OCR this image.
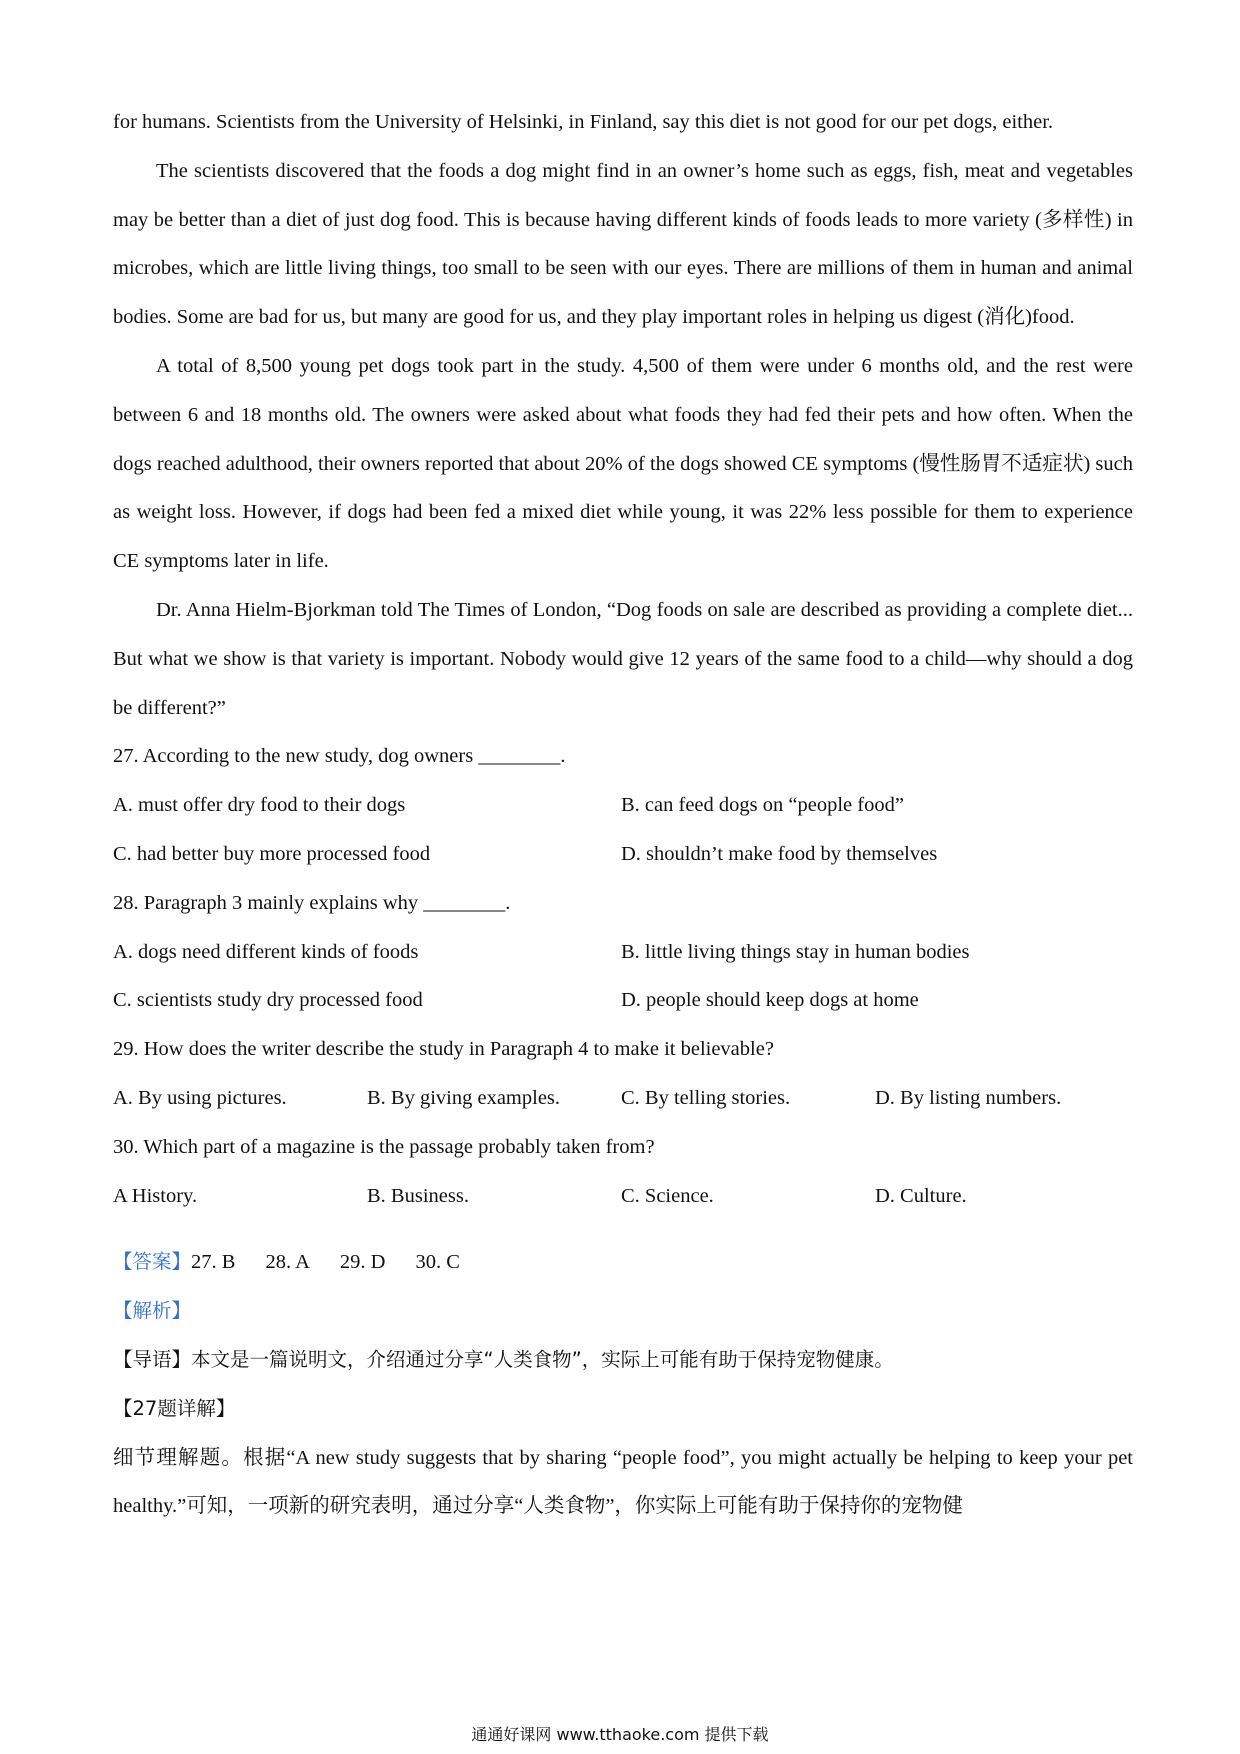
for humans. Scientists from the University of Helsinki, in Finland, say this diet is not good for our pet dogs, either.

The scientists discovered that the foods a dog might find in an owner’s home such as eggs, fish, meat and vegetables may be better than a diet of just dog food. This is because having different kinds of foods leads to more variety (多样性) in microbes, which are little living things, too small to be seen with our eyes. There are millions of them in human and animal bodies. Some are bad for us, but many are good for us, and they play important roles in helping us digest (消化)food.

A total of 8,500 young pet dogs took part in the study. 4,500 of them were under 6 months old, and the rest were between 6 and 18 months old. The owners were asked about what foods they had fed their pets and how often. When the dogs reached adulthood, their owners reported that about 20% of the dogs showed CE symptoms (慢性肠胃不适症状) such as weight loss. However, if dogs had been fed a mixed diet while young, it was 22% less possible for them to experience CE symptoms later in life.

Dr. Anna Hielm-Bjorkman told The Times of London, “Dog foods on sale are described as providing a complete diet... But what we show is that variety is important. Nobody would give 12 years of the same food to a child—why should a dog be different?”

27. According to the new study, dog owners ________.

A. must offer dry food to their dogs	B. can feed dogs on “people food”
C. had better buy more processed food	D. shouldn’t make food by themselves

28. Paragraph 3 mainly explains why ________.

A. dogs need different kinds of foods	B. little living things stay in human bodies
C. scientists study dry processed food	D. people should keep dogs at home

29. How does the writer describe the study in Paragraph 4 to make it believable?

A. By using pictures.	B. By giving examples.	C. By telling stories.	D. By listing numbers.

30. Which part of a magazine is the passage probably taken from?

A History.	B. Business.	C. Science.	D. Culture.

【答案】27. B 28. A 29. D 30. C

【解析】

【导语】本文是一篇说明文，介绍通过分享“人类食物”，实际上可能有助于保持宠物健康。

【27题详解】

细节理解题。根据“A new study suggests that by sharing “people food”, you might actually be helping to keep your pet healthy.”可知，一项新的研究表明，通过分享“人类食物”，你实际上可能有助于保持你的宠物健

通通好课网 www.tthaoke.com 提供下载
